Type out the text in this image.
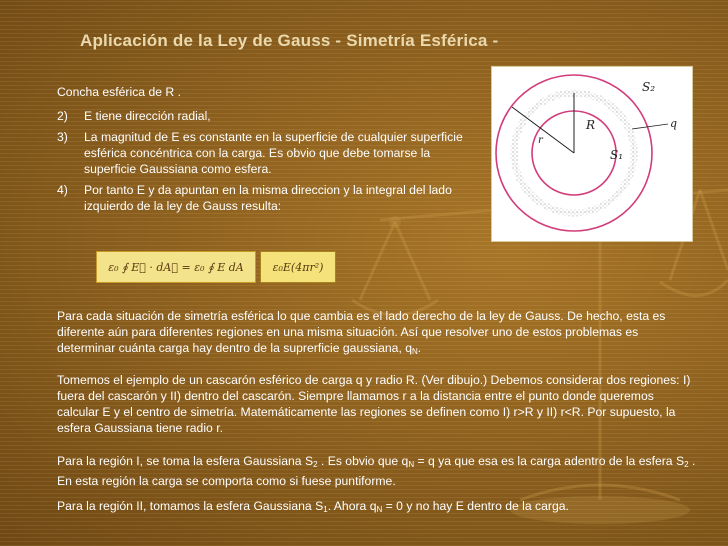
Aplicación de la Ley de Gauss - Simetría Esférica -
Concha esférica de R .
2) E tiene dirección radial,
3) La magnitud de E es constante en la superficie de cualquier superficie esférica concéntrica con la carga. Es obvio que debe tomarse la superficie Gaussiana como esfera.
4) Por tanto E y da apuntan en la misma direccion y la integral del lado izquierdo de la ley de Gauss resulta:
ε₀ ∮ E⃗ · dA⃗ = ε₀ ∮ E dA	ε₀E(4πr²)
S₂
q
R
r
S₁
Para cada situación de simetría esférica lo que cambia es el lado derecho de la ley de Gauss. De hecho, esta es diferente aún para diferentes regiones en una misma situación. Así que resolver uno de estos problemas es determinar cuánta carga hay dentro de la suprerficie gaussiana, $q_N$.
Tomemos el ejemplo de un cascarón esférico de carga q y radio R. (Ver dibujo.) Debemos considerar dos regiones: I) fuera del cascarón y II) dentro del cascarón. Siempre llamamos r a la distancia entre el punto donde queremos calcular E y el centro de simetría. Matemáticamente las regiones se definen como I) r>R y II) r<R. Por supuesto, la esfera Gaussiana tiene radio r.
Para la región I, se toma la esfera Gaussiana $S_2$ . Es obvio que $q_N = q$ ya que esa es la carga adentro de la esfera $S_2$ . En esta región la carga se comporta como si fuese puntiforme.
Para la región II, tomamos la esfera Gaussiana $S_1$. Ahora $q_N = 0$ y no hay E dentro de la carga.
